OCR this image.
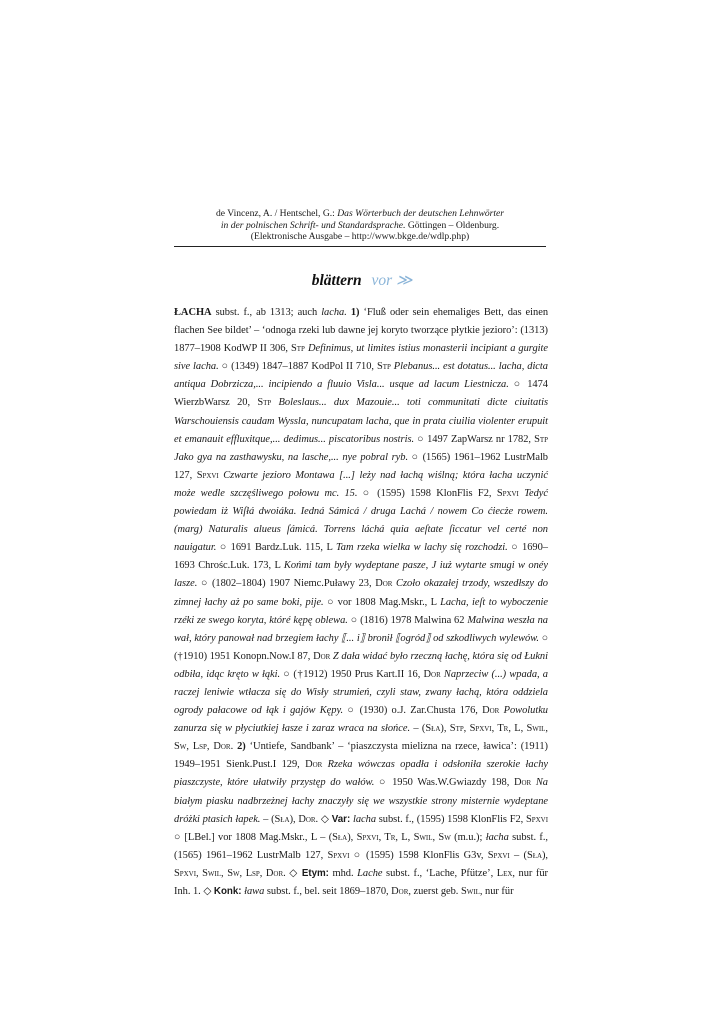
de Vincenz, A. / Hentschel, G.: Das Wörterbuch der deutschen Lehnwörter
in der polnischen Schrift- und Standardsprache. Göttingen – Oldenburg.
(Elektronische Ausgabe – http://www.bkge.de/wdlp.php)
blättern vor ≫
ŁACHA subst. f., ab 1313; auch lacha. 1) ‘Fluß oder sein ehemaliges Bett, das einen flachen See bildet’ – ‘odnoga rzeki lub dawne jej koryto tworzące płytkie jezioro’: (1313) 1877–1908 KodWP II 306, Stp Definimus, ut limites istius monasterii incipiant a gurgite sive lacha. ○ (1349) 1847–1887 KodPol II 710, Stp Plebanus... est dotatus... lacha, dicta antiqua Dobrzicza,... incipiendo a fluuio Visla... usque ad lacum Liestnicza. ○ 1474 WierzbWarsz 20, Stp Boleslaus... dux Mazouie... toti communitati dicte ciuitatis Warschouiensis caudam Wyssla, nuncupatam lacha, que in prata ciuilia violenter erupuit et emanauit effluxitque,... dedimus... piscatoribus nostris. ○ 1497 ZapWarsz nr 1782, Stp Jako gya na zasthawysku, na lasche,... nye pobral ryb. ○ (1565) 1961–1962 LustrMalb 127, Spxvi Czwarte jezioro Montawa [...] leży nad łachą wiślną; która łacha uczynić może wedle szczęśliwego połowu mc. 15. ○ (1595) 1598 KlonFlis F2, Spxvi Tedyć powiedam iż Wiſłá dwoiáka. Iedná Sámicá / druga Lachá / nowem Co ćiecże rowem. (marg) Naturalis alueus ſámicá. Torrens láchá quia aeſtate ſiccatur vel certé non nauigatur. ○ 1691 Bardz.Luk. 115, L Tam rzeka wielka w lachy się rozchodzi. ○ 1690–1693 Chrośc.Luk. 173, L Końmi tam były wydeptane pasze, J iuż wytarte smugi w onéy lasze. ○ (1802–1804) 1907 Niemc.Puławy 23, Dor Czoło okazałej trzody, wszedłszy do zimnej łachy aż po same boki, pije. ○ vor 1808 Mag.Mskr., L Lacha, ieſt to wyboczenie rzéki ze swego koryta, któré kępę oblewa. ○ (1816) 1978 Malwina 62 Malwina weszła na wał, który panował nad brzegiem łachy ⟦... i⟧ bronił ⟦ogród⟧ od szkodliwych wylewów. ○ (†1910) 1951 Konopn.Now.I 87, Dor Z dała widać było rzeczną łachę, która się od Łukni odbiła, idąc kręto w łąki. ○ (†1912) 1950 Prus Kart.II 16, Dor Naprzeciw (...) wpada, a raczej leniwie wtłacza się do Wisły strumień, czyli staw, zwany łachą, która oddziela ogrody pałacowe od łąk i gajów Kępy. ○ (1930) o.J. Zar.Chusta 176, Dor Powolutku zanurza się w płyciutkiej łasze i zaraz wraca na słońce. – (Sła), Stp, Spxvi, Tr, L, Swil, Sw, Lsp, Dor. 2) ‘Untiefe, Sandbank’ – ‘piaszczysta mielizna na rzece, ławica’: (1911) 1949–1951 Sienk.Pust.I 129, Dor Rzeka wówczas opadła i odsłoniła szerokie łachy piaszczyste, które ułatwiły przystęp do wałów. ○ 1950 Was.W.Gwiazdy 198, Dor Na białym piasku nadbrzeżnej łachy znaczyły się we wszystkie strony misternie wydeptane dróżki ptasich łapek. – (Sła), Dor. ◇ Var: lacha subst. f., (1595) 1598 KlonFlis F2, Spxvi ○ [LBel.] vor 1808 Mag.Mskr., L – (Sła), Spxvi, Tr, L, Swil, Sw (m.u.); łacha subst. f., (1565) 1961–1962 LustrMalb 127, Spxvi ○ (1595) 1598 KlonFlis G3v, Spxvi – (Sła), Spxvi, Swil, Sw, Lsp, Dor. ◇ Etym: mhd. Lache subst. f., ‘Lache, Pfütze’, Lex, nur für Inh. 1. ◇ Konk: ława subst. f., bel. seit 1869–1870, Dor, zuerst geb. Swil, nur für
